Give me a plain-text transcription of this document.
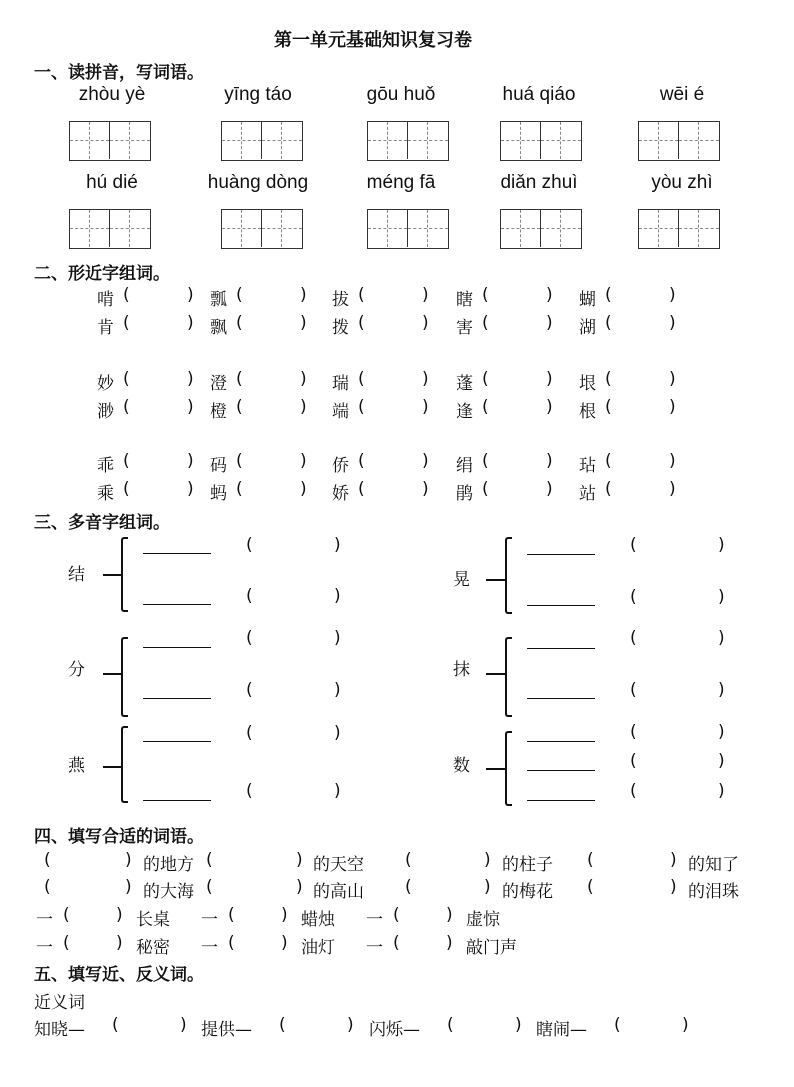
第一单元基础知识复习卷
一、读拼音，写词语。
zhòu yè	yīng táo	gōu huǒ	huá qiáo	wēi é
hú dié	huàng dòng	méng fā	diǎn zhuì	yòu zhì
二、形近字组词。
三、多音字组词。
结
(	)
(	)
分
(	)
(	)
燕
(	)
(	)
晃
(	)
(	)
抹
(	)
(	)
数
(	)
(	)
(	)
四、填写合适的词语。
五、填写近、反义词。
近义词
啃 (	) 瓢 (	) 拔 (	) 瞎 (	) 蝴 (	)
肯 (	) 飘 (	) 拨 (	) 害 (	) 湖 (	)
妙 (	) 澄 (	) 瑞 (	) 蓬 (	) 垠 (	)
渺 (	) 橙 (	) 端 (	) 逢 (	) 根 (	)
乖 (	) 码 (	) 侨 (	) 绢 (	) 玷 (	)
乘 (	) 蚂 (	) 娇 (	) 鹃 (	) 站 (	)
(	) 的地方 (	) 的天空 (	) 的柱子 (	) 的知了
(	) 的大海 (	) 的高山 (	) 的梅花 (	) 的泪珠
一 (	) 长桌 一 (	) 蜡烛 一 (	) 虚惊
一 (	) 秘密 一 (	) 油灯 一 (	) 敲门声
知晓— (	) 提供— (	) 闪烁— (	) 瞎闹— (	)
